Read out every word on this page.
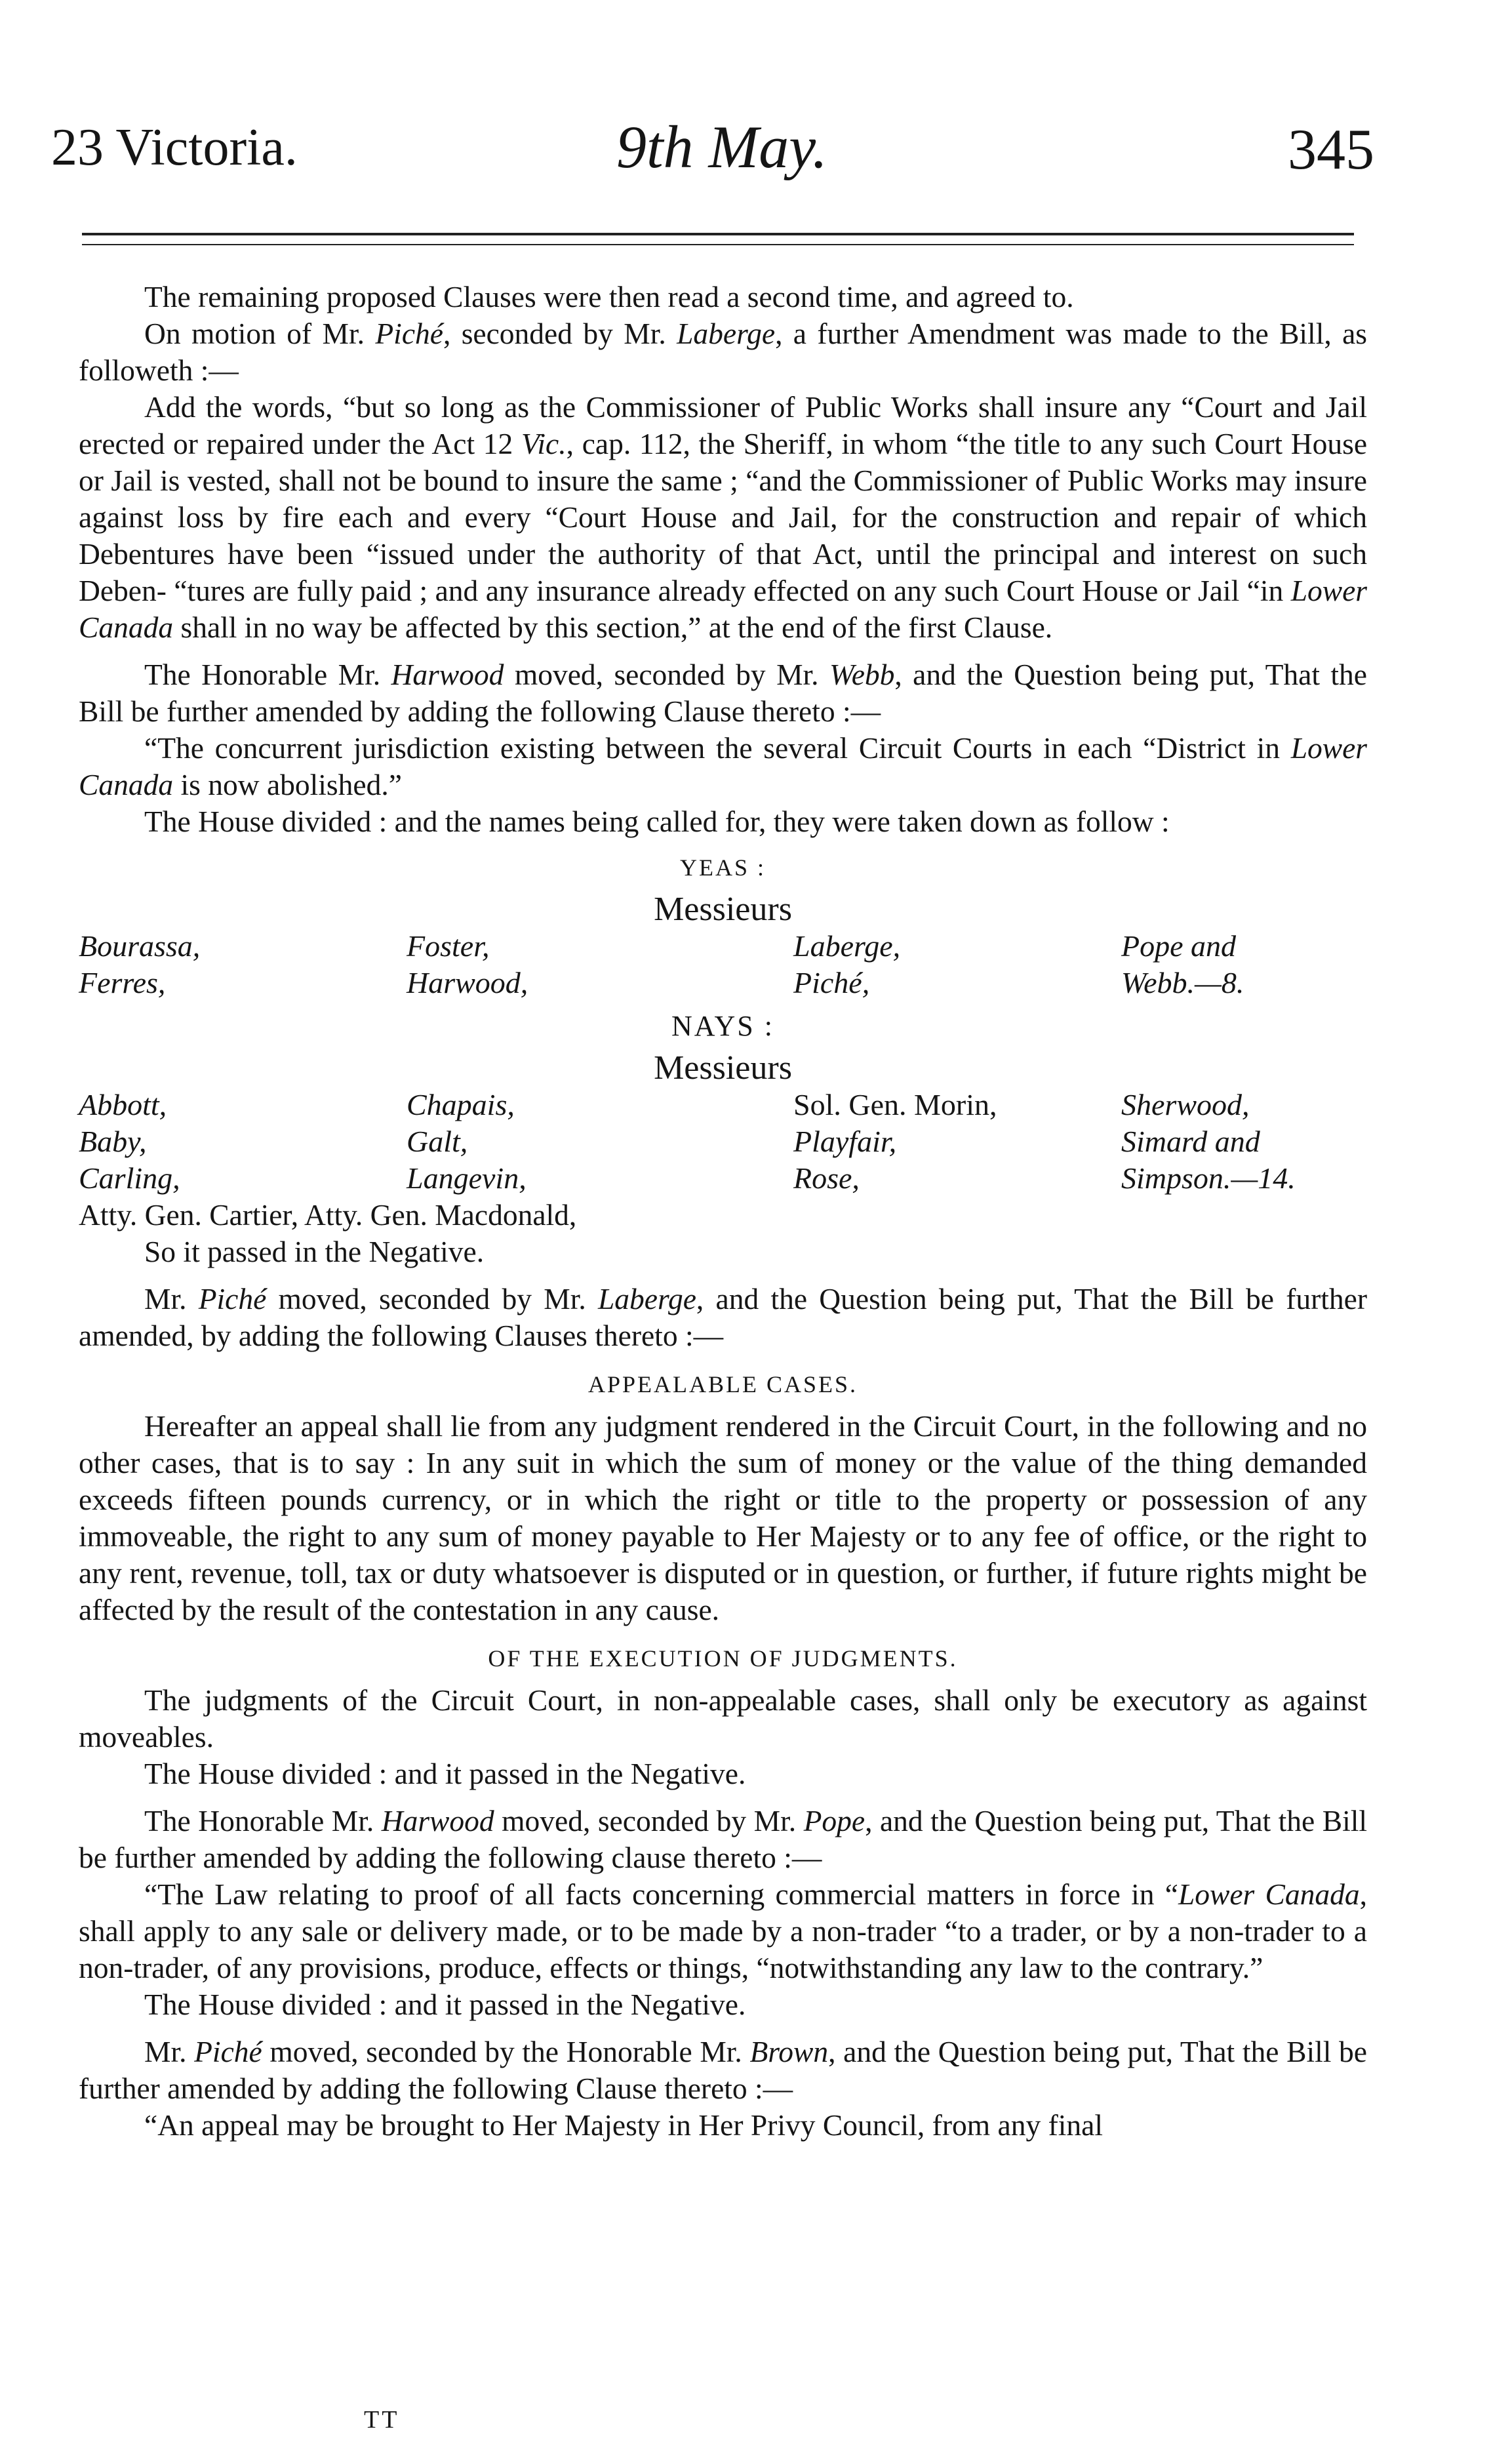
23 Victoria.	9th May.	345

The remaining proposed Clauses were then read a second time, and agreed to.

On motion of Mr. Piché, seconded by Mr. Laberge, a further Amendment was made to the Bill, as followeth :—

Add the words, “but so long as the Commissioner of Public Works shall insure any “Court and Jail erected or repaired under the Act 12 Vic., cap. 112, the Sheriff, in whom “the title to any such Court House or Jail is vested, shall not be bound to insure the same ; “and the Commissioner of Public Works may insure against loss by fire each and every “Court House and Jail, for the construction and repair of which Debentures have been “issued under the authority of that Act, until the principal and interest on such Deben- “tures are fully paid ; and any insurance already effected on any such Court House or Jail “in Lower Canada shall in no way be affected by this section,” at the end of the first Clause.

The Honorable Mr. Harwood moved, seconded by Mr. Webb, and the Question being put, That the Bill be further amended by adding the following Clause thereto :—

“The concurrent jurisdiction existing between the several Circuit Courts in each “District in Lower Canada is now abolished.”

The House divided : and the names being called for, they were taken down as follow :

YEAS :

Messieurs

Bourassa,	Foster,	Laberge,	Pope and
Ferres,	Harwood,	Piché,	Webb.—8.

NAYS :

Messieurs

Abbott,	Chapais,	Sol. Gen. Morin,	Sherwood,
Baby,	Galt,	Playfair,	Simard and
Carling,	Langevin,	Rose,	Simpson.—14.

Atty. Gen. Cartier, Atty. Gen. Macdonald,

So it passed in the Negative.

Mr. Piché moved, seconded by Mr. Laberge, and the Question being put, That the Bill be further amended, by adding the following Clauses thereto :—

APPEALABLE CASES.

Hereafter an appeal shall lie from any judgment rendered in the Circuit Court, in the following and no other cases, that is to say : In any suit in which the sum of money or the value of the thing demanded exceeds fifteen pounds currency, or in which the right or title to the property or possession of any immoveable, the right to any sum of money payable to Her Majesty or to any fee of office, or the right to any rent, revenue, toll, tax or duty whatsoever is disputed or in question, or further, if future rights might be affected by the result of the contestation in any cause.

OF THE EXECUTION OF JUDGMENTS.

The judgments of the Circuit Court, in non-appealable cases, shall only be executory as against moveables.

The House divided : and it passed in the Negative.

The Honorable Mr. Harwood moved, seconded by Mr. Pope, and the Question being put, That the Bill be further amended by adding the following clause thereto :—

“The Law relating to proof of all facts concerning commercial matters in force in “Lower Canada, shall apply to any sale or delivery made, or to be made by a non-trader “to a trader, or by a non-trader to a non-trader, of any provisions, produce, effects or things, “notwithstanding any law to the contrary.”

The House divided : and it passed in the Negative.

Mr. Piché moved, seconded by the Honorable Mr. Brown, and the Question being put, That the Bill be further amended by adding the following Clause thereto :—

“An appeal may be brought to Her Majesty in Her Privy Council, from any final

TT
